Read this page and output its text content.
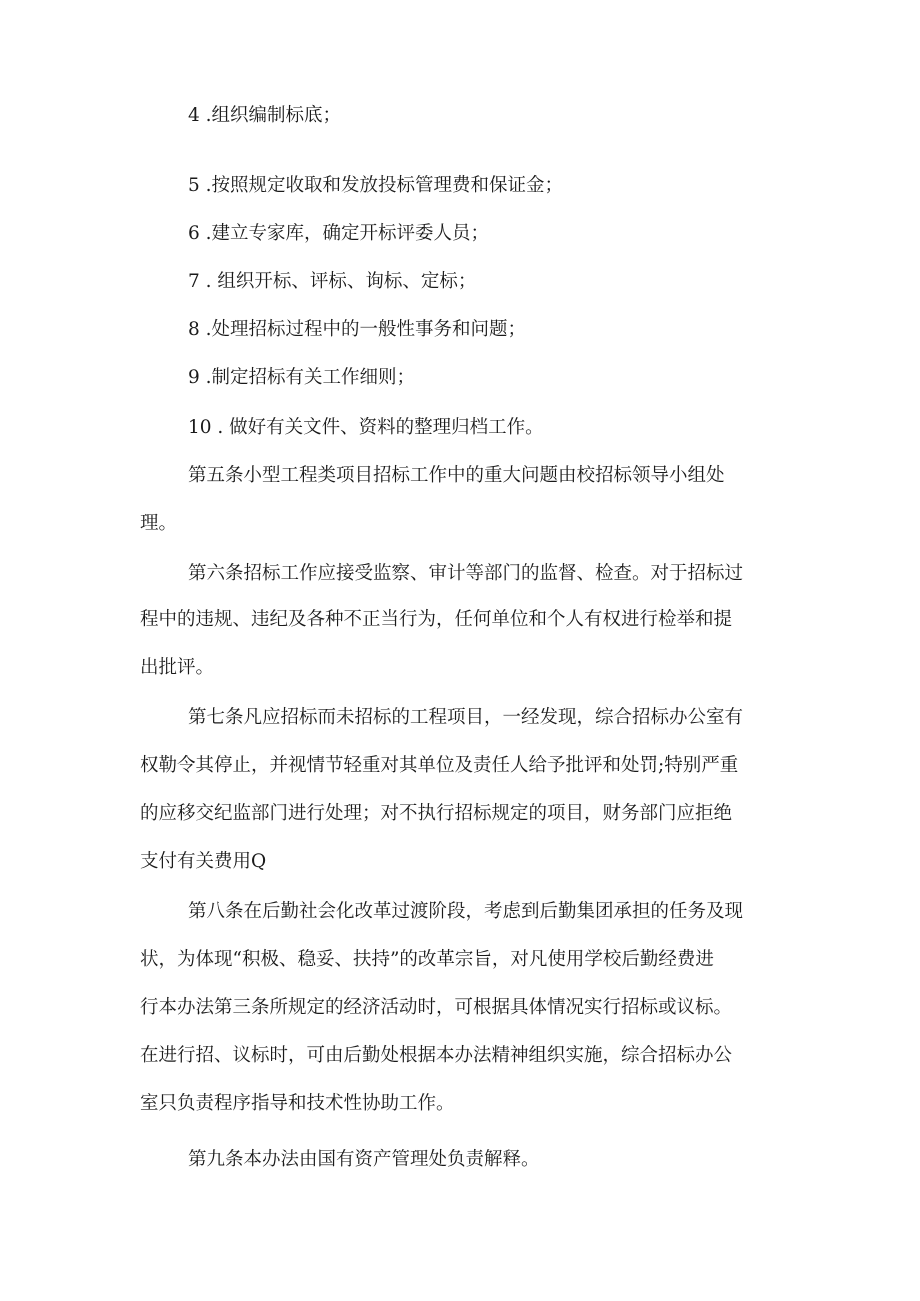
4 .组织编制标底；
5 .按照规定收取和发放投标管理费和保证金；
6 .建立专家库，确定开标评委人员；
7 . 组织开标、评标、询标、定标；
8 .处理招标过程中的一般性事务和问题；
9 .制定招标有关工作细则；
10 . 做好有关文件、资料的整理归档工作。
第五条小型工程类项目招标工作中的重大问题由校招标领导小组处
理。
第六条招标工作应接受监察、审计等部门的监督、检查。对于招标过
程中的违规、违纪及各种不正当行为，任何单位和个人有权进行检举和提
出批评。
第七条凡应招标而未招标的工程项目，一经发现，综合招标办公室有
权勒令其停止，并视情节轻重对其单位及责任人给予批评和处罚;特别严重
的应移交纪监部门进行处理；对不执行招标规定的项目，财务部门应拒绝
支付有关费用Q
第八条在后勤社会化改革过渡阶段，考虑到后勤集团承担的任务及现
状，为体现“积极、稳妥、扶持”的改革宗旨，对凡使用学校后勤经费进
行本办法第三条所规定的经济活动时，可根据具体情况实行招标或议标。
在进行招、议标时，可由后勤处根据本办法精神组织实施，综合招标办公
室只负责程序指导和技术性协助工作。
第九条本办法由国有资产管理处负责解释。
